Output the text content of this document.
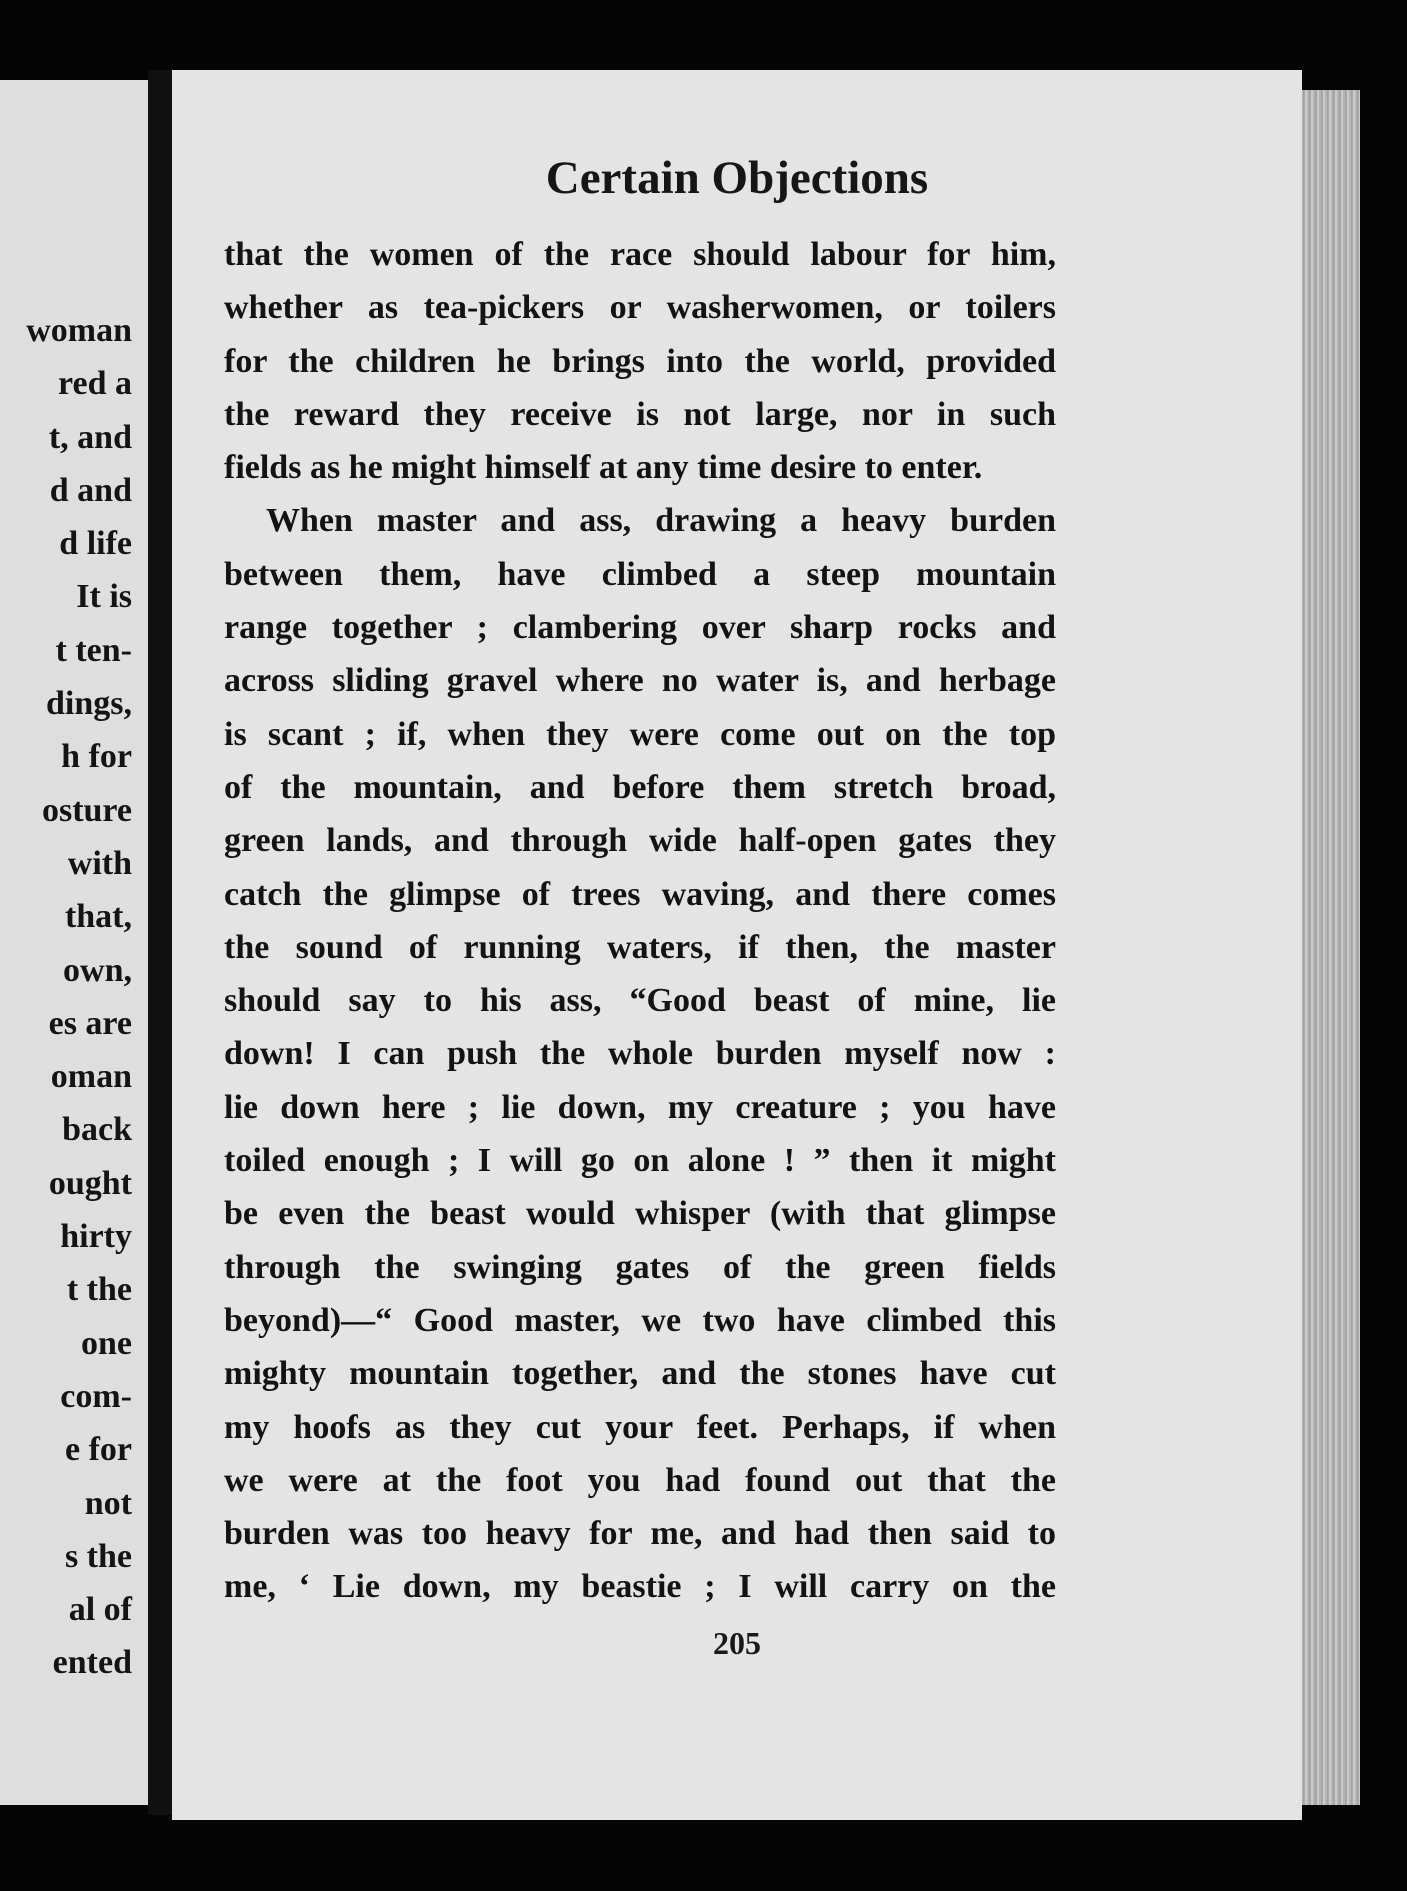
woman
red a
t, and
d and
d life
It is
t ten-
dings,
h for
osture
with
that,
own,
es are
oman
back
ought
hirty
t the
one
com-
e for
not
s the
al of
ented
Certain Objections
that the women of the race should labour for him,
whether as tea-pickers or washerwomen, or toilers
for the children he brings into the world, provided
the reward they receive is not large, nor in such
fields as he might himself at any time desire to enter.
When master and ass, drawing a heavy burden
between them, have climbed a steep mountain
range together ; clambering over sharp rocks and
across sliding gravel where no water is, and herbage
is scant ; if, when they were come out on the top
of the mountain, and before them stretch broad,
green lands, and through wide half-open gates they
catch the glimpse of trees waving, and there comes
the sound of running waters, if then, the master
should say to his ass, “Good beast of mine, lie
down! I can push the whole burden myself now :
lie down here ; lie down, my creature ; you have
toiled enough ; I will go on alone ! ” then it might
be even the beast would whisper (with that glimpse
through the swinging gates of the green fields
beyond)—“ Good master, we two have climbed this
mighty mountain together, and the stones have cut
my hoofs as they cut your feet. Perhaps, if when
we were at the foot you had found out that the
burden was too heavy for me, and had then said to
me, ‘ Lie down, my beastie ; I will carry on the
205
